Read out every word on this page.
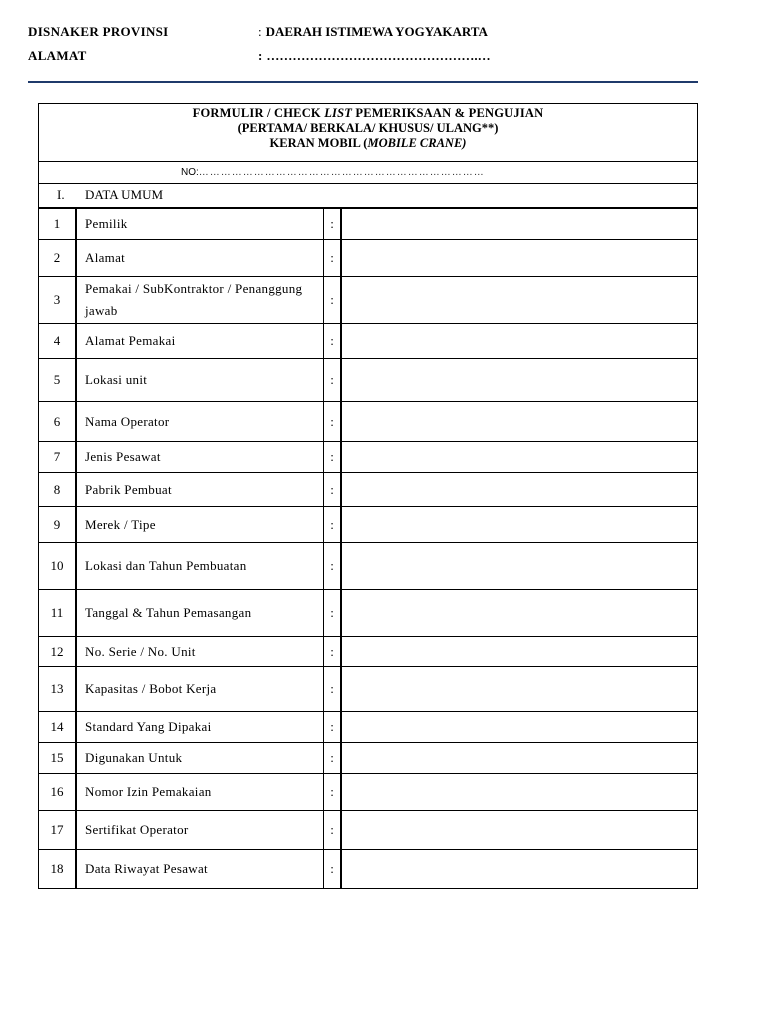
DISNAKER PROVINSI	: DAERAH ISTIMEWA YOGYAKARTA
ALAMAT	: ………………………………………….…
FORMULIR / CHECK LIST PEMERIKSAAN & PENGUJIAN
(PERTAMA/ BERKALA/ KHUSUS/ ULANG**)
KERAN MOBIL (MOBILE CRANE)
NO:……………………………………………………………………
I. DATA UMUM
1	Pemilik	:	
2	Alamat	:	
3	Pemakai / SubKontraktor / Penanggung jawab	:	
4	Alamat Pemakai	:	
5	Lokasi unit	:	
6	Nama Operator	:	
7	Jenis Pesawat	:	
8	Pabrik Pembuat	:	
9	Merek / Tipe	:	
10	Lokasi dan Tahun Pembuatan	:	
11	Tanggal & Tahun Pemasangan	:	
12	No. Serie / No. Unit	:	
13	Kapasitas / Bobot Kerja	:	
14	Standard Yang Dipakai	:	
15	Digunakan Untuk	:	
16	Nomor Izin Pemakaian	:	
17	Sertifikat Operator	:	
18	Data Riwayat Pesawat	:	
